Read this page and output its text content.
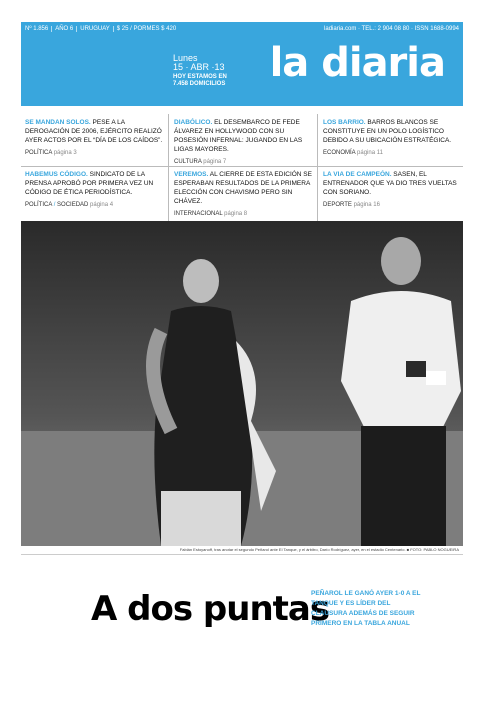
Nº 1.856	AÑO 6	URUGUAY	$ 25 / PORMES $ 420	ladiaria.com · TEL.: 2 904 08 80 · ISSN 1688-0994
Lunes
15 · ABR ·13
HOY ESTAMOS EN
7.458 DOMICILIOS la diaria
SE MANDAN SOLOS. PESE A LA DEROGACIÓN DE 2006, EJÉRCITO REALIZÓ AYER ACTOS POR EL “DÍA DE LOS CAÍDOS”.
POLÍTICA página 3
DIABÓLICO. EL DESEMBARCO DE FEDE ÁLVAREZ EN HOLLYWOOD CON SU POSESIÓN INFERNAL: JUGANDO EN LAS LIGAS MAYORES.
CULTURA página 7
LOS BARRIO. BARROS BLANCOS SE CONSTITUYE EN UN POLO LOGÍSTICO DEBIDO A SU UBICACIÓN ESTRATÉGICA.
ECONOMÍA página 11
HABEMUS CÓDIGO. SINDICATO DE LA PRENSA APROBÓ POR PRIMERA VEZ UN CÓDIGO DE ÉTICA PERIODÍSTICA.
POLÍTICA / SOCIEDAD página 4
VEREMOS. AL CIERRE DE ESTA EDICIÓN SE ESPERABAN RESULTADOS DE LA PRIMERA ELECCIÓN CON CHAVISMO PERO SIN CHÁVEZ.
INTERNACIONAL página 8
LA VIA DE CAMPEÓN. SASEN, EL ENTRENADOR QUE YA DIO TRES VUELTAS CON SORIANO.
DEPORTE página 16
Fabián Estoyanoff, tras anotar el segundo Peñarol ante El Tanque, y el árbitro, Darío Rodríguez, ayer, en el estadio Centenario. ■ FOTO: PABLO NOGUEIRA
A dos puntas
PEÑAROL LE GANÓ AYER 1-0 A EL TANQUE Y ES LÍDER DEL CLAUSURA ADEMÁS DE SEGUIR PRIMERO EN LA TABLA ANUAL
